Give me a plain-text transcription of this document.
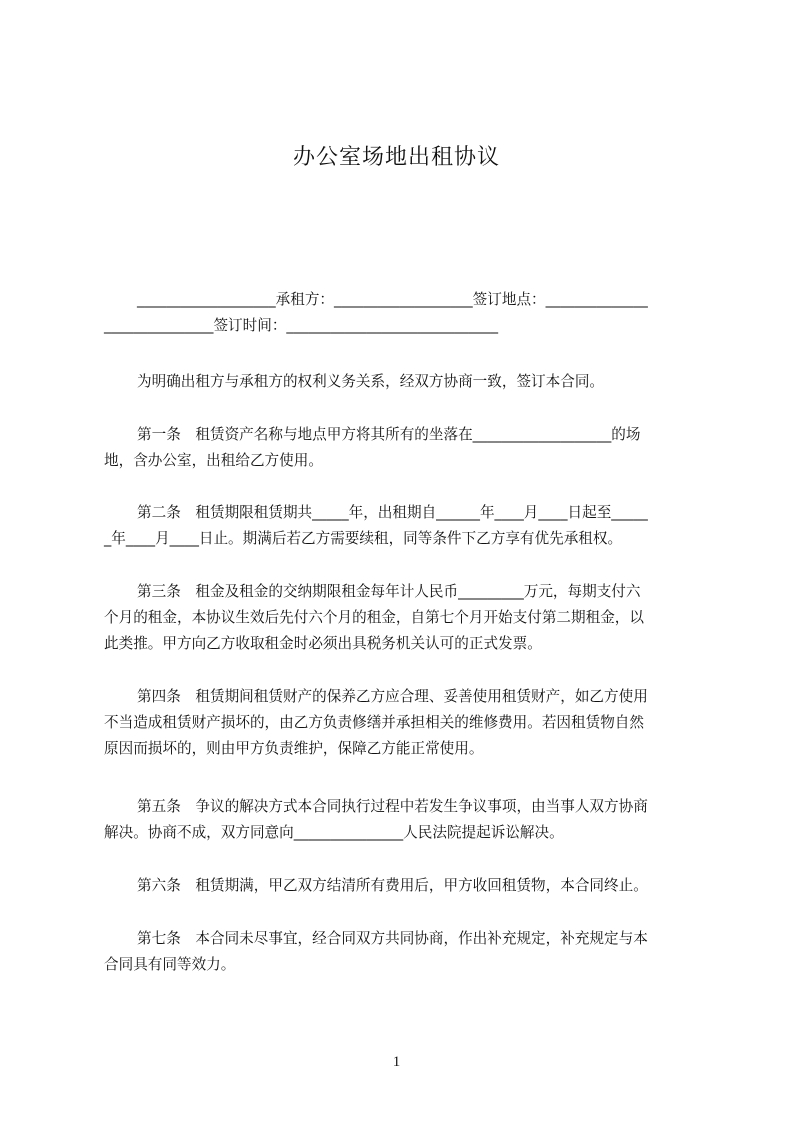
办公室场地出租协议
___________________承租方：___________________签订地点：______________
_______________签订时间：_____________________________
为明确出租方与承租方的权利义务关系，经双方协商一致，签订本合同。
第一条　租赁资产名称与地点甲方将其所有的坐落在___________________的场
地，含办公室，出租给乙方使用。
第二条　租赁期限租赁期共_____年，出租期自______年____月____日起至_____
_年____月____日止。期满后若乙方需要续租，同等条件下乙方享有优先承租权。
第三条　租金及租金的交纳期限租金每年计人民币_________万元，每期支付六
个月的租金，本协议生效后先付六个月的租金，自第七个月开始支付第二期租金，以
此类推。甲方向乙方收取租金时必须出具税务机关认可的正式发票。
第四条　租赁期间租赁财产的保养乙方应合理、妥善使用租赁财产，如乙方使用
不当造成租赁财产损坏的，由乙方负责修缮并承担相关的维修费用。若因租赁物自然
原因而损坏的，则由甲方负责维护，保障乙方能正常使用。
第五条　争议的解决方式本合同执行过程中若发生争议事项，由当事人双方协商
解决。协商不成，双方同意向_______________人民法院提起诉讼解决。
第六条　租赁期满，甲乙双方结清所有费用后，甲方收回租赁物，本合同终止。
第七条　本合同未尽事宜，经合同双方共同协商，作出补充规定，补充规定与本
合同具有同等效力。
1
